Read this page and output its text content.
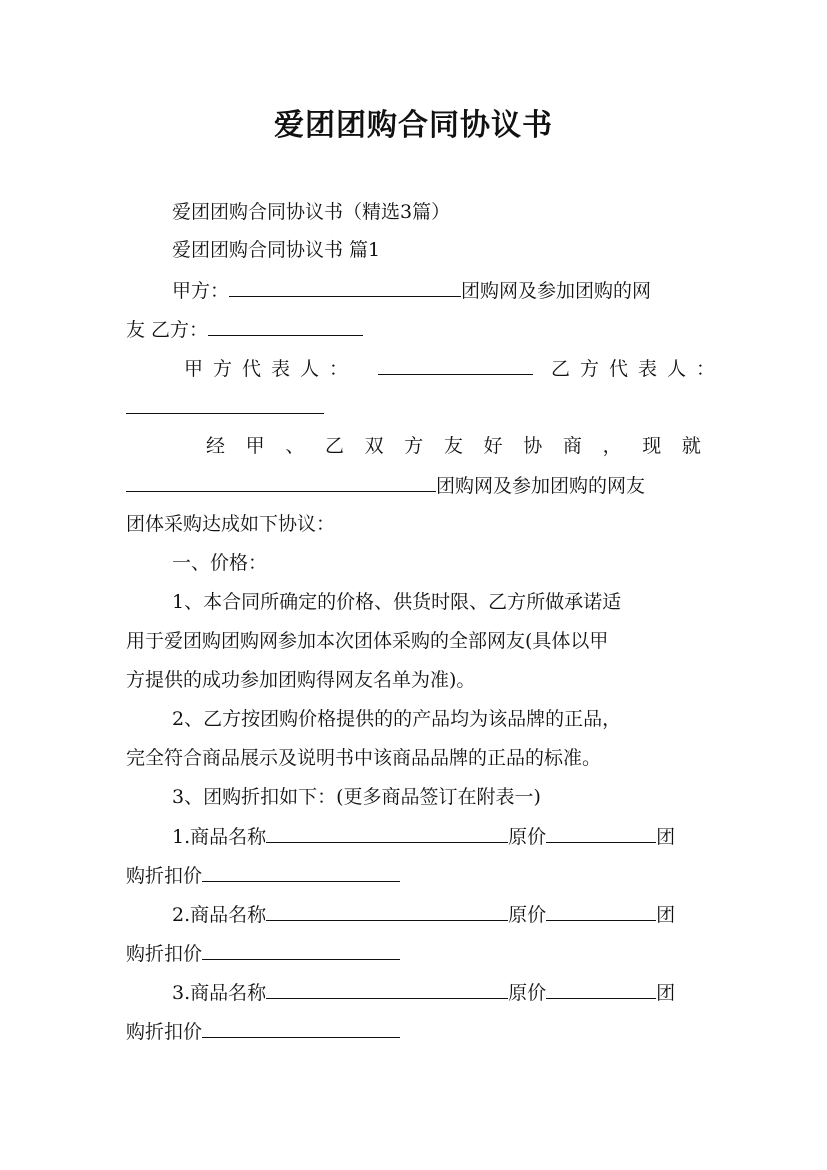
爱团团购合同协议书
爱团团购合同协议书（精选3篇）
爱团团购合同协议书 篇1
甲方：	团购网及参加团购的网
友 乙方：
甲方代表人：	乙方代表人：
经 甲 、 乙 双 方 友 好 协 商 ， 现 就
团购网及参加团购的网友
团体采购达成如下协议：
一、价格：
1、本合同所确定的价格、供货时限、乙方所做承诺适
用于爱团购团购网参加本次团体采购的全部网友(具体以甲
方提供的成功参加团购得网友名单为准)。
2、乙方按团购价格提供的的产品均为该品牌的正品，
完全符合商品展示及说明书中该商品品牌的正品的标准。
3、团购折扣如下：(更多商品签订在附表一)
1.商品名称	原价	团
购折扣价
2.商品名称	原价	团
购折扣价
3.商品名称	原价	团
购折扣价
